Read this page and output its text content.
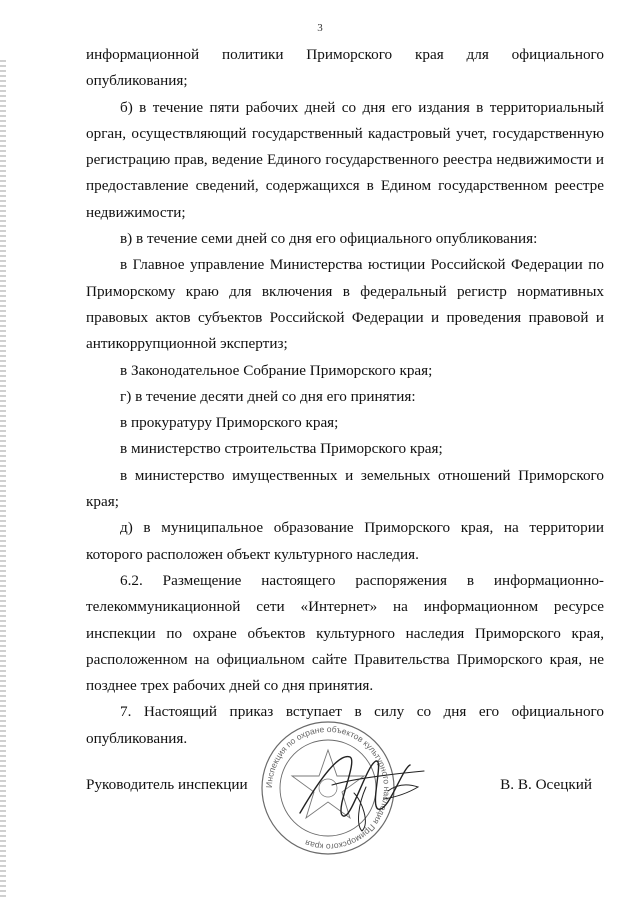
3

информационной политики Приморского края для официального опубликования;

б) в течение пяти рабочих дней со дня его издания в территориальный орган, осуществляющий государственный кадастровый учет, государственную регистрацию прав, ведение Единого государственного реестра недвижимости и предоставление сведений, содержащихся в Едином государственном реестре недвижимости;

в) в течение семи дней со дня его официального опубликования:

в Главное управление Министерства юстиции Российской Федерации по Приморскому краю для включения в федеральный регистр нормативных правовых актов субъектов Российской Федерации и проведения правовой и антикоррупционной экспертиз;

в Законодательное Собрание Приморского края;

г) в течение десяти дней со дня его принятия:

в прокуратуру Приморского края;

в министерство строительства Приморского края;

в министерство имущественных и земельных отношений Приморского края;

д) в муниципальное образование Приморского края, на территории которого расположен объект культурного наследия.

6.2. Размещение настоящего распоряжения в информационно-телекоммуникационной сети «Интернет» на информационном ресурсе инспекции по охране объектов культурного наследия Приморского края, расположенном на официальном сайте Правительства Приморского края, не позднее трех рабочих дней со дня принятия.

7. Настоящий приказ вступает в силу со дня его официального опубликования.

Инспекция по охране объектов культурного наследия Приморского края
Руководитель инспекции	В. В. Осецкий
